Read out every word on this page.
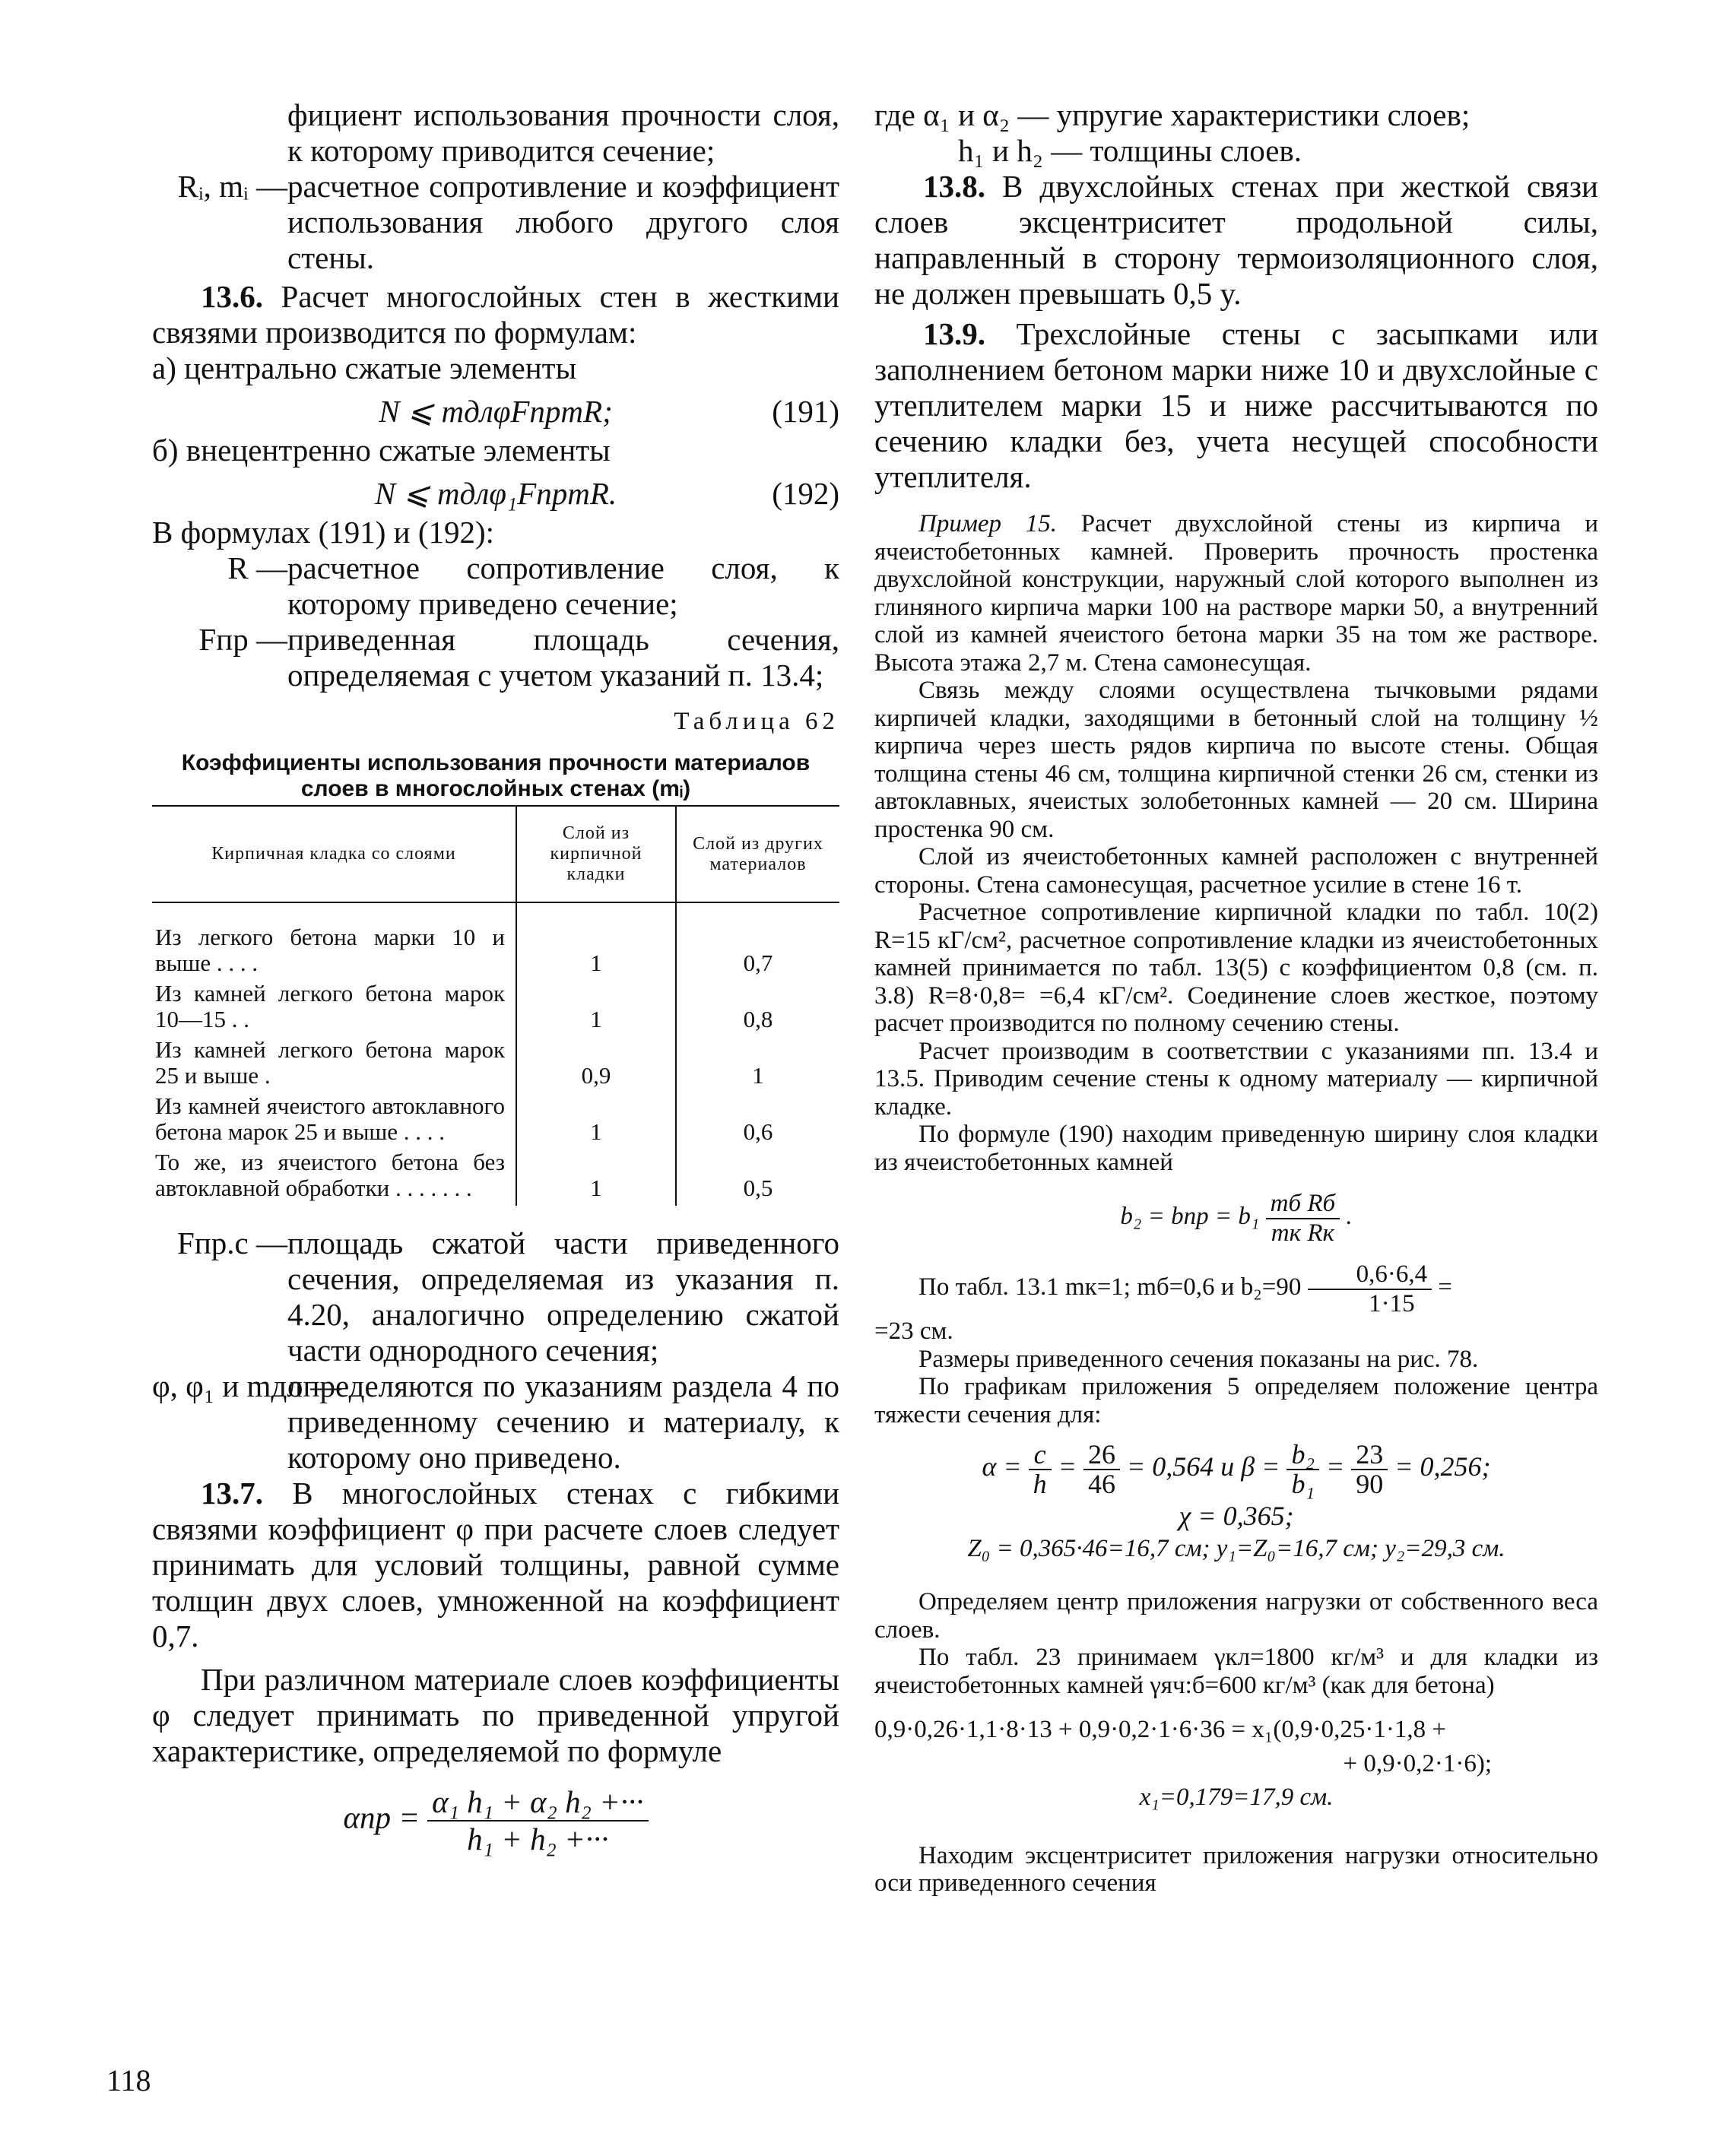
фициент использования прочности слоя, к которому приводится сечение;

Rᵢ, mᵢ — расчетное сопротивление и коэффициент использования любого другого слоя стены.

13.6. Расчет многослойных стен в жесткими связями производится по формулам:

а) центрально сжатые элементы

N ⩽ mдлφFпрmR;	(191)

б) внецентренно сжатые элементы

N ⩽ mдлφ₁FпрmR.	(192)

В формулах (191) и (192):

R — расчетное сопротивление слоя, к которому приведено сечение;
Fпр — приведенная площадь сечения, определяемая с учетом указаний п. 13.4;
Таблица 62
Коэффициенты использования прочности материалов слоев в многослойных стенах (mᵢ)
Кирпичная кладка со слоями	Слой из кирпичной кладки	Слой из других материалов

Из легкого бетона марки 10 и выше . . . .	1	0,7
Из камней легкого бетона марок 10—15 . .	1	0,8
Из камней легкого бетона марок 25 и выше .	0,9	1
Из камней ячеистого автоклавного бетона марок 25 и выше . . . .	1	0,6
То же, из ячеистого бетона без автоклавной обработки . . . . . . .	1	0,5
Fпр.с — площадь сжатой части приведенного сечения, определяемая из указания п. 4.20, аналогично определению сжатой части однородного сечения;
φ, φ₁ и mдл —
определяются по указаниям раздела 4 по приведенному сечению и материалу, к которому оно приведено.

13.7. В многослойных стенах с гибкими связями коэффициент φ при расчете слоев следует принимать для условий толщины, равной сумме толщин двух слоев, умноженной на коэффициент 0,7.

При различном материале слоев коэффициенты φ следует принимать по приведенной упругой характеристике, определяемой по формуле

$\alpha пр = \frac{\text{α₁ h₁ + α₂ h₂ +···}}{\text{h₁ + h₂ +···}}$

где α₁ и α₂ — упругие характеристики слоев;

h₁ и h₂ — толщины слоев.

13.8. В двухслойных стенах при жесткой связи слоев эксцентриситет продольной силы, направленный в сторону термоизоляционного слоя, не должен превышать 0,5 y.

13.9. Трехслойные стены с засыпками или заполнением бетоном марки ниже 10 и двухслойные с утеплителем марки 15 и ниже рассчитываются по сечению кладки без, учета несущей способности утеплителя.

Пример 15. Расчет двухслойной стены из кирпича и ячеистобетонных камней. Проверить прочность простенка двухслойной конструкции, наружный слой которого выполнен из глиняного кирпича марки 100 на растворе марки 50, а внутренний слой из камней ячеистого бетона марки 35 на том же растворе. Высота этажа 2,7 м. Стена самонесущая.

Связь между слоями осуществлена тычковыми рядами кирпичей кладки, заходящими в бетонный слой на толщину ½ кирпича через шесть рядов кирпича по высоте стены. Общая толщина стены 46 см, толщина кирпичной стенки 26 см, стенки из автоклавных, ячеистых золобетонных камней — 20 см. Ширина простенка 90 см.

Слой из ячеистобетонных камней расположен с внутренней стороны. Стена самонесущая, расчетное усилие в стене 16 т.

Расчетное сопротивление кирпичной кладки по табл. 10(2) R=15 кГ/см², расчетное сопротивление кладки из ячеистобетонных камней принимается по табл. 13(5) с коэффициентом 0,8 (см. п. 3.8) R=8·0,8= =6,4 кГ/см². Соединение слоев жесткое, поэтому расчет производится по полному сечению стены.

Расчет производим в соответствии с указаниями пп. 13.4 и 13.5. Приводим сечение стены к одному материалу — кирпичной кладке.

По формуле (190) находим приведенную ширину слоя кладки из ячеистобетонных камней

b₂ = bпр = $b_1 \frac{\text{mб Rб}}{\text{mк Rк}}$ .

По табл. 13.1 mк=1; mб=0,6 и $b_2=90 \frac{0,6\cdot 6,4}{1\cdot 15}$ =

=23 см.

Размеры приведенного сечения показаны на рис. 78.

По графикам приложения 5 определяем положение центра тяжести сечения для:

$\alpha = \frac{c}{h} = \frac{26}{46} = 0,564$ и $\beta = \frac{\text{b₂}}{\text{b₁}} = \frac{23}{90} = 0,256$;
χ = 0,365;
Z₀ = 0,365·46=16,7 см; y₁=Z₀=16,7 см; y₂=29,3 см.

Определяем центр приложения нагрузки от собственного веса слоев.

По табл. 23 принимаем γкл=1800 кг/м³ и для кладки из ячеистобетонных камней γяч:б=600 кг/м³ (как для бетона)

0,9·0,26·1,1·8·13 + 0,9·0,2·1·6·36 = x₁(0,9·0,25·1·1,8 +
+ 0,9·0,2·1·6);
x₁=0,179=17,9 см.

Находим эксцентриситет приложения нагрузки относительно оси приведенного сечения

118
